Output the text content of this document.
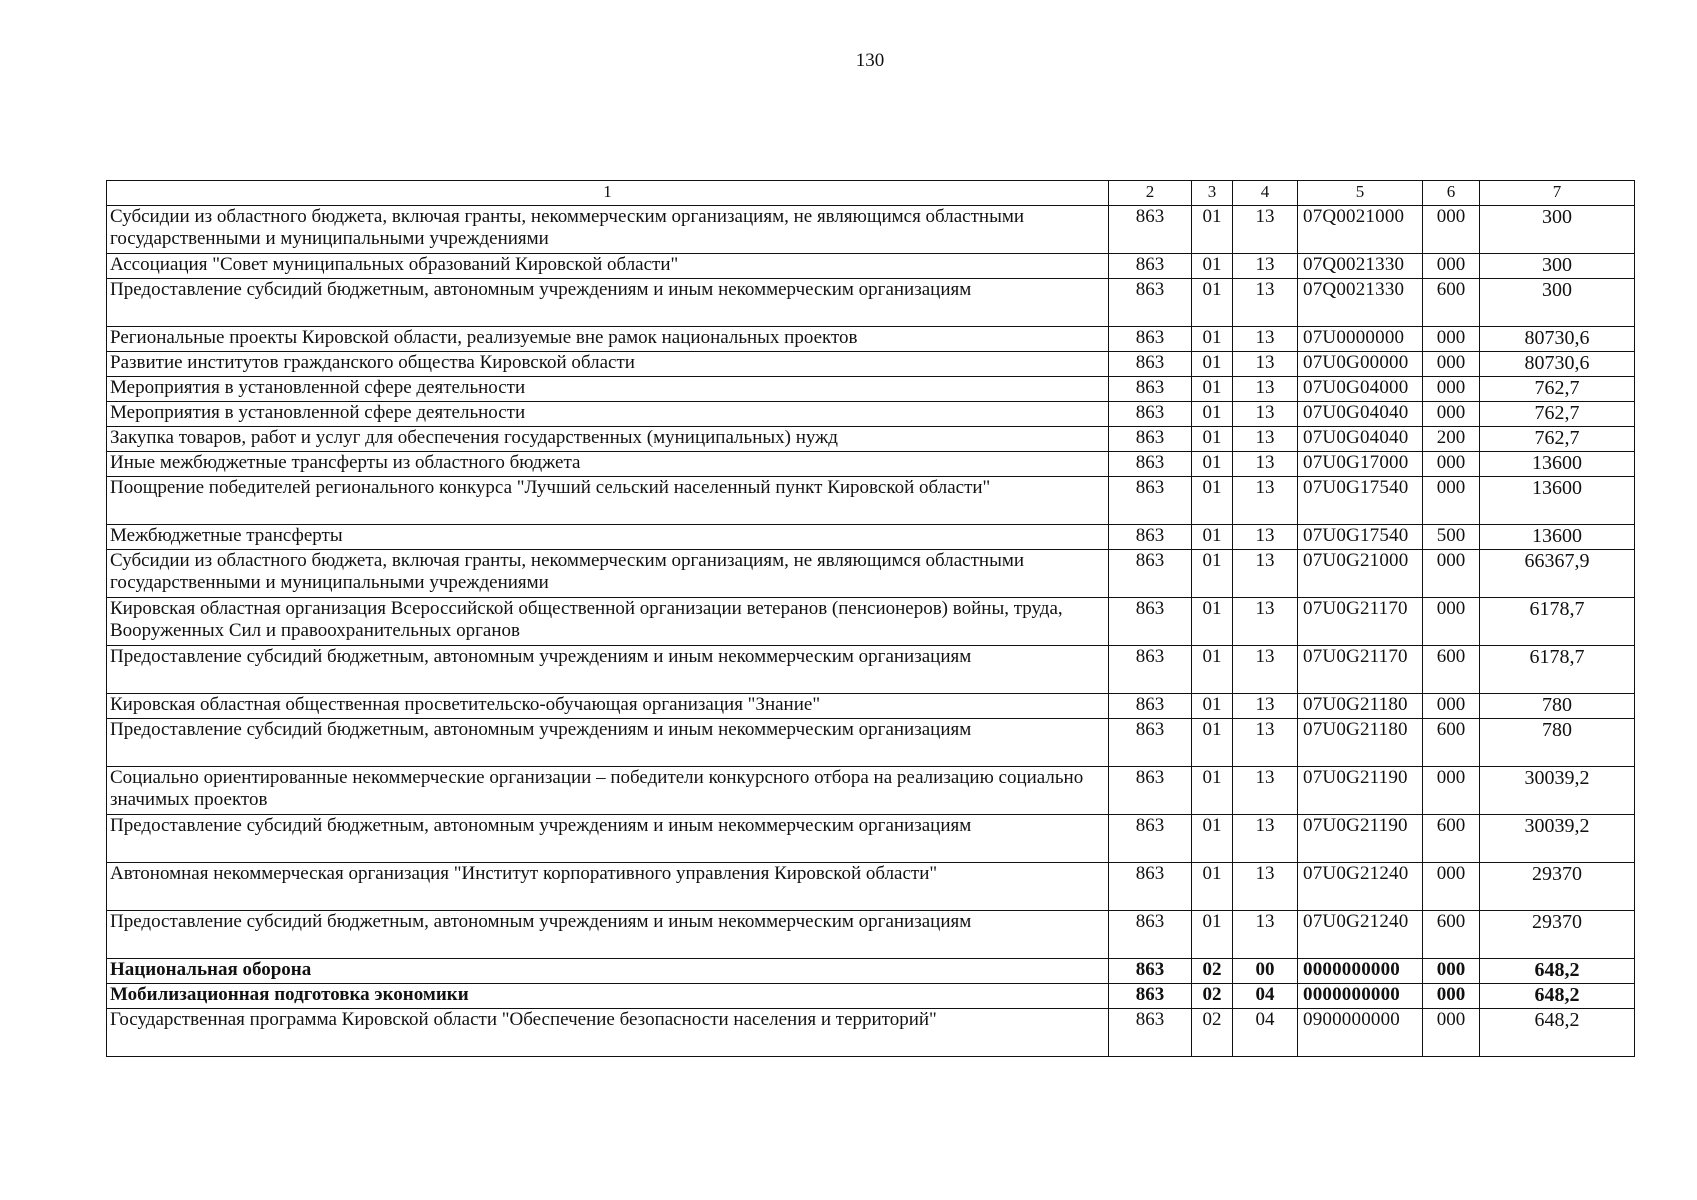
130
1	2	3	4	5	6	7
Субсидии из областного бюджета, включая гранты, некоммерческим организациям, не являющимся областными государственными и муниципальными учреждениями	863	01	13	07Q0021000	000	300
Ассоциация "Совет муниципальных образований Кировской области"	863	01	13	07Q0021330	000	300
Предоставление субсидий бюджетным, автономным учреждениям и иным некоммерческим организациям	863	01	13	07Q0021330	600	300
Региональные проекты Кировской области, реализуемые вне рамок национальных проектов	863	01	13	07U0000000	000	80730,6
Развитие институтов гражданского общества Кировской области	863	01	13	07U0G00000	000	80730,6
Мероприятия в установленной сфере деятельности	863	01	13	07U0G04000	000	762,7
Мероприятия в установленной сфере деятельности	863	01	13	07U0G04040	000	762,7
Закупка товаров, работ и услуг для обеспечения государственных (муниципальных) нужд	863	01	13	07U0G04040	200	762,7
Иные межбюджетные трансферты из областного бюджета	863	01	13	07U0G17000	000	13600
Поощрение победителей регионального конкурса "Лучший сельский населенный пункт Кировской области"	863	01	13	07U0G17540	000	13600
Межбюджетные трансферты	863	01	13	07U0G17540	500	13600
Субсидии из областного бюджета, включая гранты, некоммерческим организациям, не являющимся областными государственными и муниципальными учреждениями	863	01	13	07U0G21000	000	66367,9
Кировская областная организация Всероссийской общественной организации ветеранов (пенсионеров) войны, труда, Вооруженных Сил и правоохранительных органов	863	01	13	07U0G21170	000	6178,7
Предоставление субсидий бюджетным, автономным учреждениям и иным некоммерческим организациям	863	01	13	07U0G21170	600	6178,7
Кировская областная общественная просветительско-обучающая организация "Знание"	863	01	13	07U0G21180	000	780
Предоставление субсидий бюджетным, автономным учреждениям и иным некоммерческим организациям	863	01	13	07U0G21180	600	780
Социально ориентированные некоммерческие организации – победители конкурсного отбора на реализацию социально значимых проектов	863	01	13	07U0G21190	000	30039,2
Предоставление субсидий бюджетным, автономным учреждениям и иным некоммерческим организациям	863	01	13	07U0G21190	600	30039,2
Автономная некоммерческая организация "Институт корпоративного управления Кировской области"	863	01	13	07U0G21240	000	29370
Предоставление субсидий бюджетным, автономным учреждениям и иным некоммерческим организациям	863	01	13	07U0G21240	600	29370
Национальная оборона	863	02	00	0000000000	000	648,2
Мобилизационная подготовка экономики	863	02	04	0000000000	000	648,2
Государственная программа Кировской области "Обеспечение безопасности населения и территорий"	863	02	04	0900000000	000	648,2
